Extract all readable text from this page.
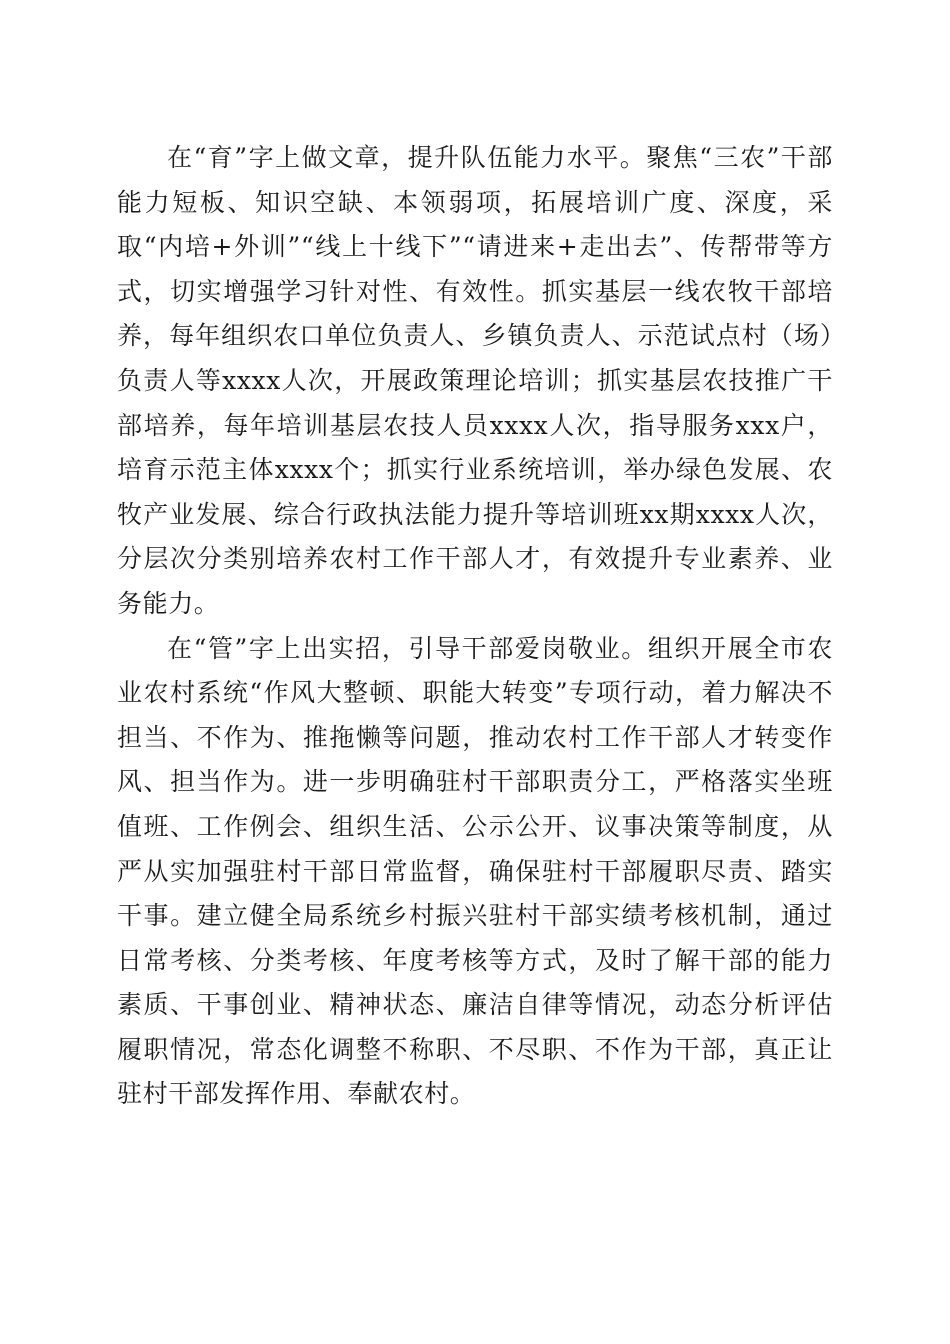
在“育”字上做文章，提升队伍能力水平。聚焦“三农”干部能力短板、知识空缺、本领弱项，拓展培训广度、深度，采取“内培+外训”“线上十线下”“请进来+走出去”、传帮带等方式，切实增强学习针对性、有效性。抓实基层一线农牧干部培养，每年组织农口单位负责人、乡镇负责人、示范试点村（场）负责人等xxxx人次，开展政策理论培训；抓实基层农技推广干部培养，每年培训基层农技人员xxxx人次，指导服务xxx户，培育示范主体xxxx个；抓实行业系统培训，举办绿色发展、农牧产业发展、综合行政执法能力提升等培训班xx期xxxx人次，分层次分类别培养农村工作干部人才，有效提升专业素养、业务能力。

在“管”字上出实招，引导干部爱岗敬业。组织开展全市农业农村系统“作风大整顿、职能大转变”专项行动，着力解决不担当、不作为、推拖懒等问题，推动农村工作干部人才转变作风、担当作为。进一步明确驻村干部职责分工，严格落实坐班值班、工作例会、组织生活、公示公开、议事决策等制度，从严从实加强驻村干部日常监督，确保驻村干部履职尽责、踏实干事。建立健全局系统乡村振兴驻村干部实绩考核机制，通过日常考核、分类考核、年度考核等方式，及时了解干部的能力素质、干事创业、精神状态、廉洁自律等情况，动态分析评估履职情况，常态化调整不称职、不尽职、不作为干部，真正让驻村干部发挥作用、奉献农村。
